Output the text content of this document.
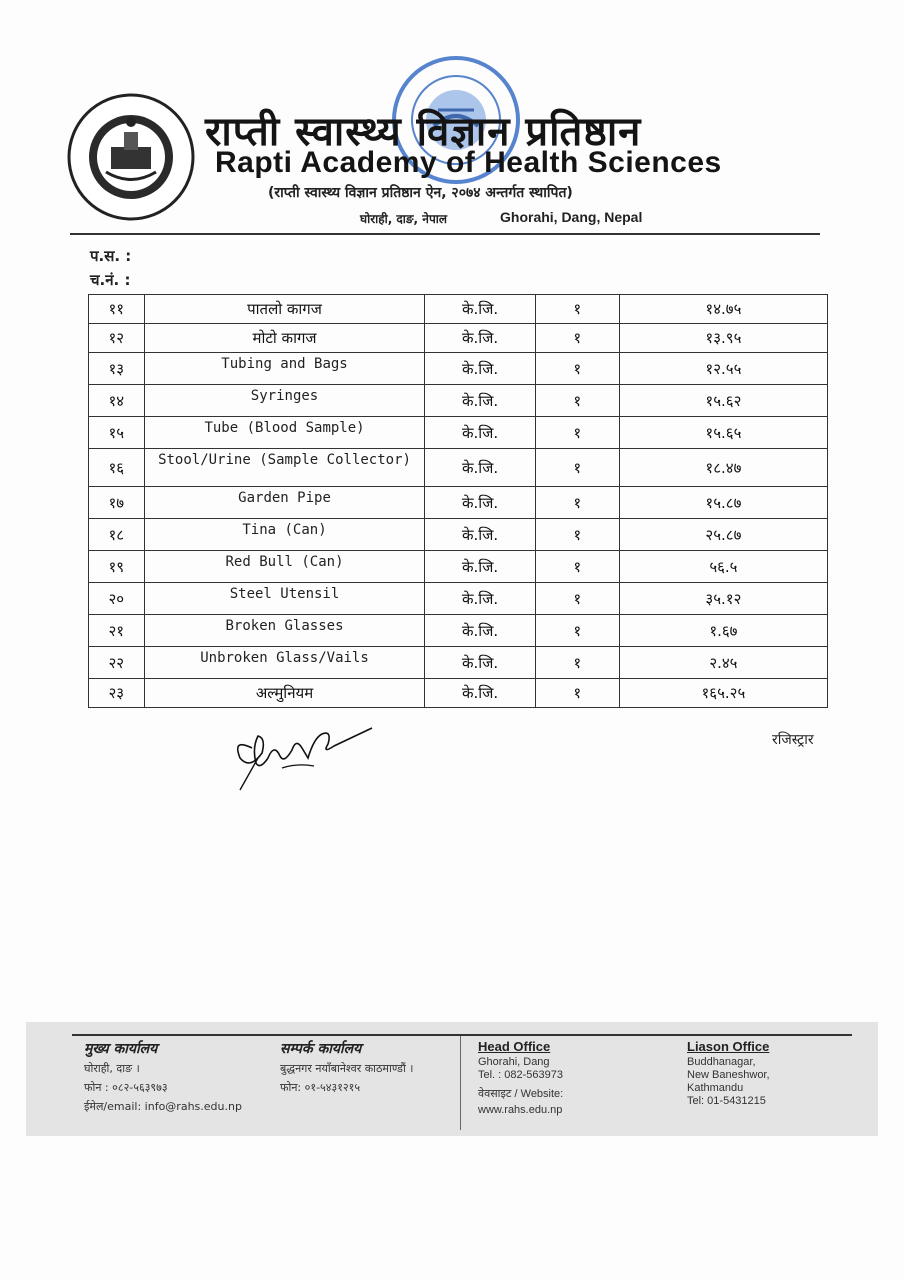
राप्ती स्वास्थ्य विज्ञान प्रतिष्ठान
Rapti Academy of Health Sciences
(राप्ती स्वास्थ्य विज्ञान प्रतिष्ठान ऐन, २०७४ अन्तर्गत स्थापित)
घोराही, दाङ, नेपाल	Ghorahi, Dang, Nepal
प.स. :
च.नं. :
११	पातलो कागज	के.जि.	१	१४.७५
१२	मोटो कागज	के.जि.	१	१३.९५
१३	Tubing and Bags	के.जि.	१	१२.५५
१४	Syringes	के.जि.	१	१५.६२
१५	Tube (Blood Sample)	के.जि.	१	१५.६५
१६	Stool/Urine (Sample Collector)	के.जि.	१	१८.४७
१७	Garden Pipe	के.जि.	१	१५.८७
१८	Tina (Can)	के.जि.	१	२५.८७
१९	Red Bull (Can)	के.जि.	१	५६.५
२०	Steel Utensil	के.जि.	१	३५.१२
२१	Broken Glasses	के.जि.	१	१.६७
२२	Unbroken Glass/Vails	के.जि.	१	२.४५
२३	अल्मुनियम	के.जि.	१	१६५.२५
रजिस्ट्रार
मुख्य कार्यालय
घोराही, दाङ ।
फोन : ०८२-५६३९७३
ईमेल/email: info@rahs.edu.np
सम्पर्क कार्यालय
बुद्धनगर नयाँबानेश्वर काठमाण्डौं ।
फोन: ०१-५४३१२१५
Head Office
Ghorahi, Dang
Tel. : 082-563973
वेवसाइट / Website:
www.rahs.edu.np
Liason Office
Buddhanagar,
New Baneshwor,
Kathmandu
Tel: 01-5431215
